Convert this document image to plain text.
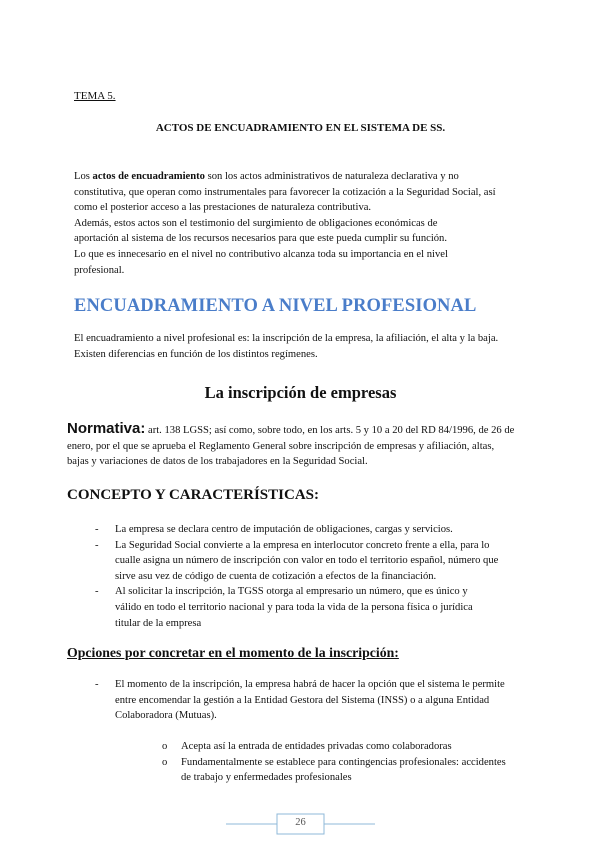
TEMA 5.
ACTOS DE ENCUADRAMIENTO EN EL SISTEMA DE SS.

Los actos de encuadramiento son los actos administrativos de naturaleza declarativa y no

constitutiva, que operan como instrumentales para favorecer la cotización a la Seguridad Social, así

como el posterior acceso a las prestaciones de naturaleza contributiva.

Además, estos actos son el testimonio del surgimiento de obligaciones económicas de

aportación al sistema de los recursos necesarios para que este pueda cumplir su función.

Lo que es innecesario en el nivel no contributivo alcanza toda su importancia en el nivel

profesional.

ENCUADRAMIENTO A NIVEL PROFESIONAL

El encuadramiento a nivel profesional es: la inscripción de la empresa, la afiliación, el alta y la baja.

Existen diferencias en función de los distintos regímenes.

La inscripción de empresas
Normativa: art. 138 LGSS; así como, sobre todo, en los arts. 5 y 10 a 20 del RD 84/1996, de 26 de
enero, por el que se aprueba el Reglamento General sobre inscripción de empresas y afiliación, altas,
bajas y variaciones de datos de los trabajadores en la Seguridad Social.
CONCEPTO Y CARACTERÍSTICAS:
- La empresa se declara centro de imputación de obligaciones, cargas y servicios.
- La Seguridad Social convierte a la empresa en interlocutor concreto frente a ella, para lo
cualle asigna un número de inscripción con valor en todo el territorio español, número que
sirve asu vez de código de cuenta de cotización a efectos de la financiación.
- Al solicitar la inscripción, la TGSS otorga al empresario un número, que es único y
válido en todo el territorio nacional y para toda la vida de la persona física o jurídica
titular de la empresa
Opciones por concretar en el momento de la inscripción:
- El momento de la inscripción, la empresa habrá de hacer la opción que el sistema le permite
entre encomendar la gestión a la Entidad Gestora del Sistema (INSS) o a alguna Entidad
Colaboradora (Mutuas).
o Acepta así la entrada de entidades privadas como colaboradoras
o Fundamentalmente se establece para contingencias profesionales: accidentes
de trabajo y enfermedades profesionales
26
